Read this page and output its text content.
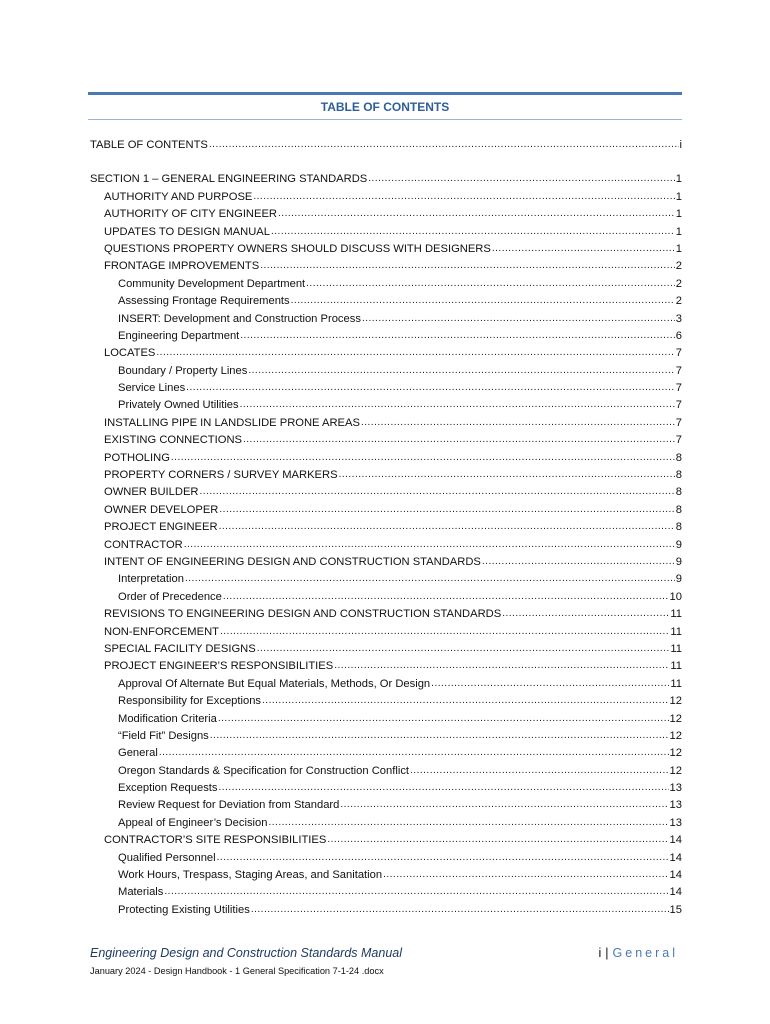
TABLE OF CONTENTS
TABLE OF CONTENTS .....	i
SECTION 1 – GENERAL ENGINEERING STANDARDS .....	1
AUTHORITY AND PURPOSE .....	1
AUTHORITY OF CITY ENGINEER .....	1
UPDATES TO DESIGN MANUAL .....	1
QUESTIONS PROPERTY OWNERS SHOULD DISCUSS WITH DESIGNERS .....	1
FRONTAGE IMPROVEMENTS .....	2
Community Development Department .....	2
Assessing Frontage Requirements .....	2
INSERT: Development and Construction Process .....	3
Engineering Department .....	6
LOCATES .....	7
Boundary / Property Lines .....	7
Service Lines .....	7
Privately Owned Utilities .....	7
INSTALLING PIPE IN LANDSLIDE PRONE AREAS .....	7
EXISTING CONNECTIONS .....	7
POTHOLING .....	8
PROPERTY CORNERS / SURVEY MARKERS .....	8
OWNER BUILDER .....	8
OWNER DEVELOPER .....	8
PROJECT ENGINEER .....	8
CONTRACTOR .....	9
INTENT OF ENGINEERING DESIGN AND CONSTRUCTION STANDARDS .....	9
Interpretation .....	9
Order of Precedence .....	10
REVISIONS TO ENGINEERING DESIGN AND CONSTRUCTION STANDARDS .....	11
NON-ENFORCEMENT .....	11
SPECIAL FACILITY DESIGNS .....	11
PROJECT ENGINEER’S RESPONSIBILITIES .....	11
Approval Of Alternate But Equal Materials, Methods, Or Design .....	11
Responsibility for Exceptions .....	12
Modification Criteria .....	12
“Field Fit” Designs .....	12
General .....	12
Oregon Standards & Specification for Construction Conflict .....	12
Exception Requests .....	13
Review Request for Deviation from Standard .....	13
Appeal of Engineer’s Decision .....	13
CONTRACTOR’S SITE RESPONSIBILITIES .....	14
Qualified Personnel .....	14
Work Hours, Trespass, Staging Areas, and Sanitation .....	14
Materials .....	14
Protecting Existing Utilities .....	15
Engineering Design and Construction Standards Manual	i | General
January 2024 - Design Handbook - 1 General Specification 7-1-24 .docx
